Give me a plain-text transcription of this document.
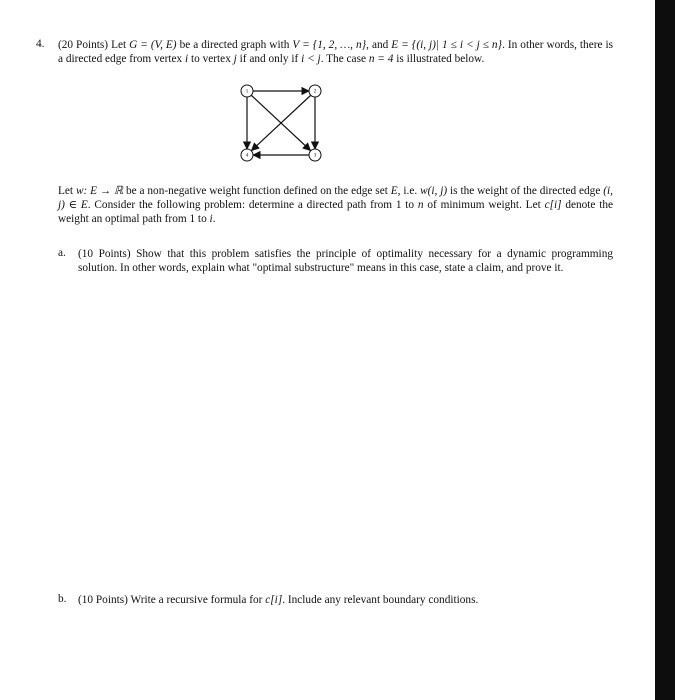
4. (20 Points) Let G = (V, E) be a directed graph with V = {1, 2, …, n}, and E = {(i, j)| 1 ≤ i < j ≤ n}. In other words, there is a directed edge from vertex i to vertex j if and only if i < j. The case n = 4 is illustrated below.
1	2
3
4
Let w: E → ℝ be a non-negative weight function defined on the edge set E, i.e. w(i, j) is the weight of the directed edge (i, j) ∈ E. Consider the following problem: determine a directed path from 1 to n of minimum weight. Let c[i] denote the weight an optimal path from 1 to i.
a. (10 Points) Show that this problem satisfies the principle of optimality necessary for a dynamic programming solution. In other words, explain what "optimal substructure" means in this case, state a claim, and prove it.
b. (10 Points) Write a recursive formula for c[i]. Include any relevant boundary conditions.
